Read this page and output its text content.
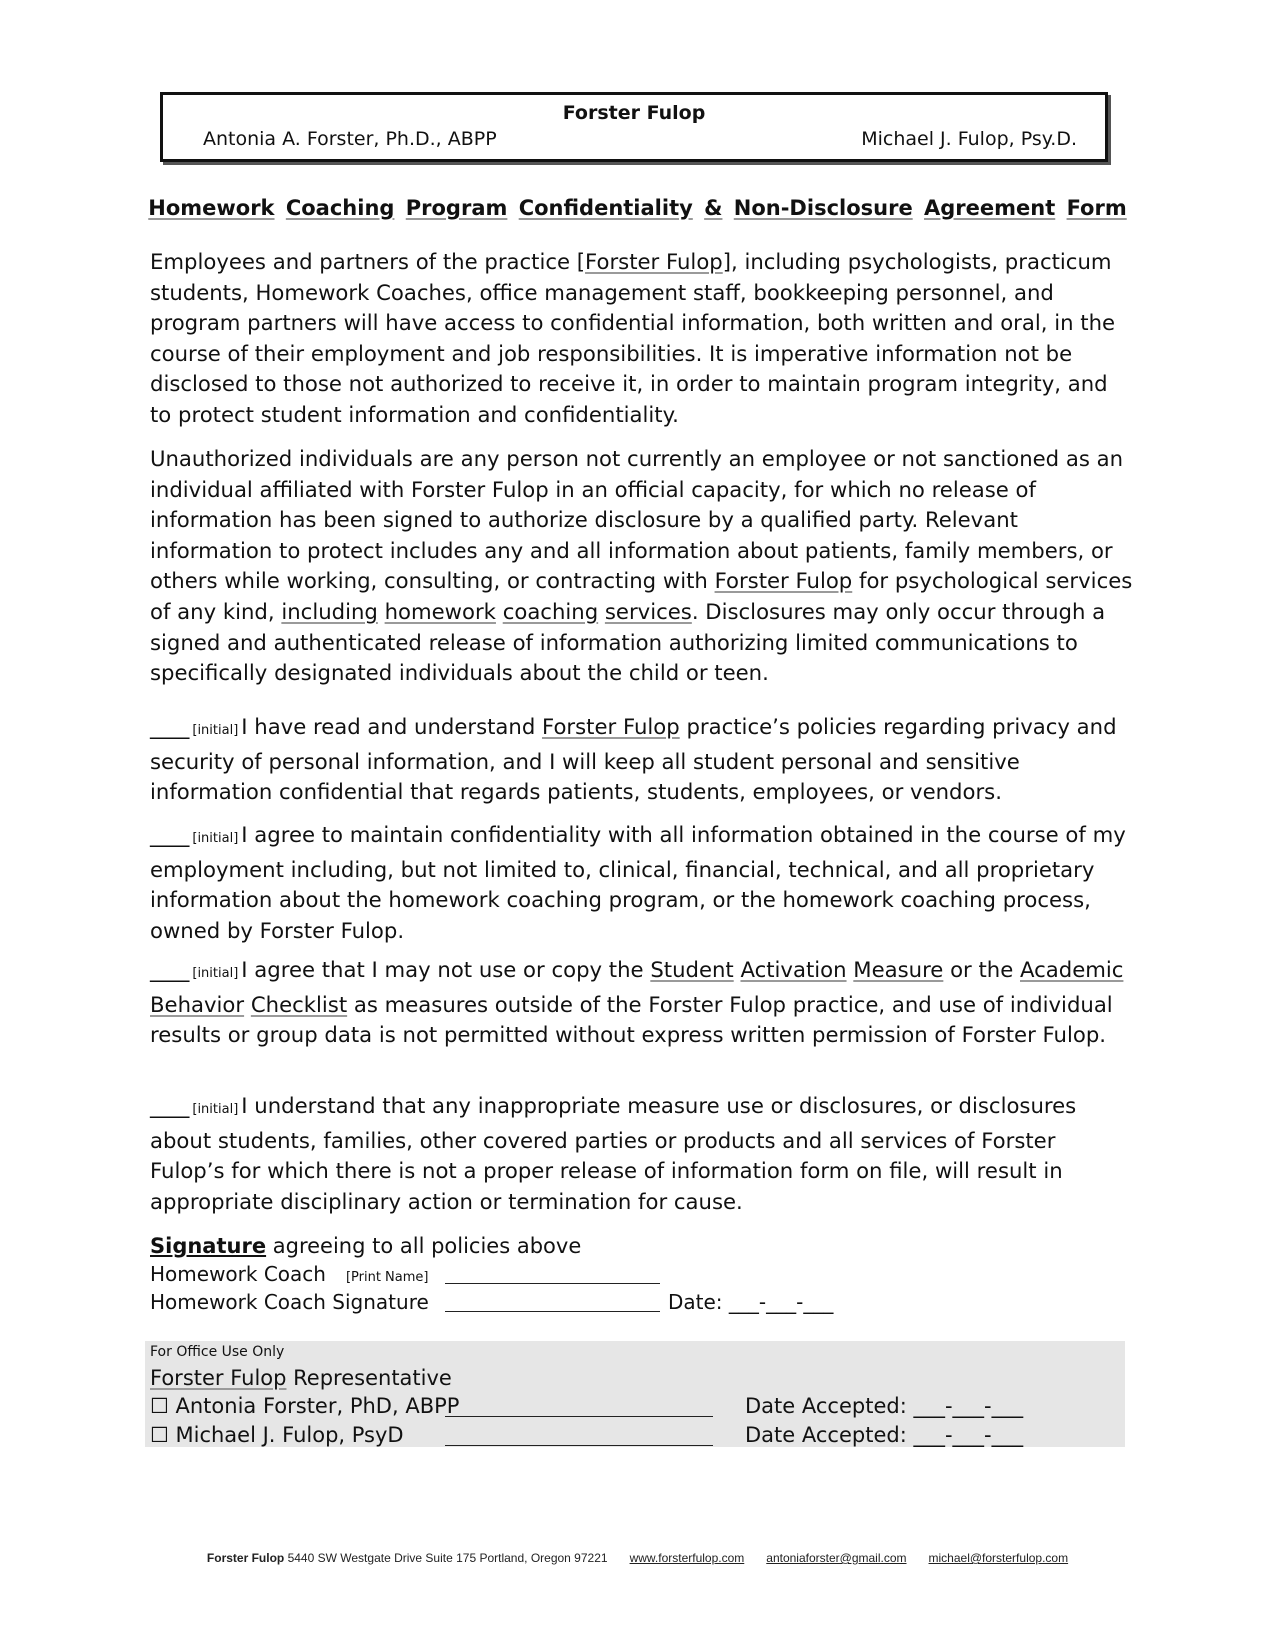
Forster Fulop
Antonia A. Forster, Ph.D., ABPP	Michael J. Fulop, Psy.D.
Homework Coaching Program Confidentiality & Non-Disclosure Agreement Form

Employees and partners of the practice [Forster Fulop], including psychologists, practicum students, Homework Coaches, office management staff, bookkeeping personnel, and program partners will have access to confidential information, both written and oral, in the course of their employment and job responsibilities. It is imperative information not be disclosed to those not authorized to receive it, in order to maintain program integrity, and to protect student information and confidentiality.

Unauthorized individuals are any person not currently an employee or not sanctioned as an individual affiliated with Forster Fulop in an official capacity, for which no release of information has been signed to authorize disclosure by a qualified party. Relevant information to protect includes any and all information about patients, family members, or others while working, consulting, or contracting with Forster Fulop for psychological services of any kind, including homework coaching services. Disclosures may only occur through a signed and authenticated release of information authorizing limited communications to specifically designated individuals about the child or teen.

____ [initial] I have read and understand Forster Fulop practice’s policies regarding privacy and security of personal information, and I will keep all student personal and sensitive information confidential that regards patients, students, employees, or vendors.

____ [initial] I agree to maintain confidentiality with all information obtained in the course of my employment including, but not limited to, clinical, financial, technical, and all proprietary information about the homework coaching program, or the homework coaching process, owned by Forster Fulop.

____ [initial] I agree that I may not use or copy the Student Activation Measure or the Academic Behavior Checklist as measures outside of the Forster Fulop practice, and use of individual results or group data is not permitted without express written permission of Forster Fulop.

____ [initial] I understand that any inappropriate measure use or disclosures, or disclosures about students, families, other covered parties or products and all services of Forster Fulop’s for which there is not a proper release of information form on file, will result in appropriate disciplinary action or termination for cause.

Signature agreeing to all policies above
Homework Coach [Print Name]
Homework Coach Signature	Date: ___-___-___
For Office Use Only
Forster Fulop Representative
☐ Antonia Forster, PhD, ABPP	Date Accepted: ___-___-___
☐ Michael J. Fulop, PsyD	Date Accepted: ___-___-___
Forster Fulop 5440 SW Westgate Drive Suite 175 Portland, Oregon 97221 www.forsterfulop.com antoniaforster@gmail.com michael@forsterfulop.com
